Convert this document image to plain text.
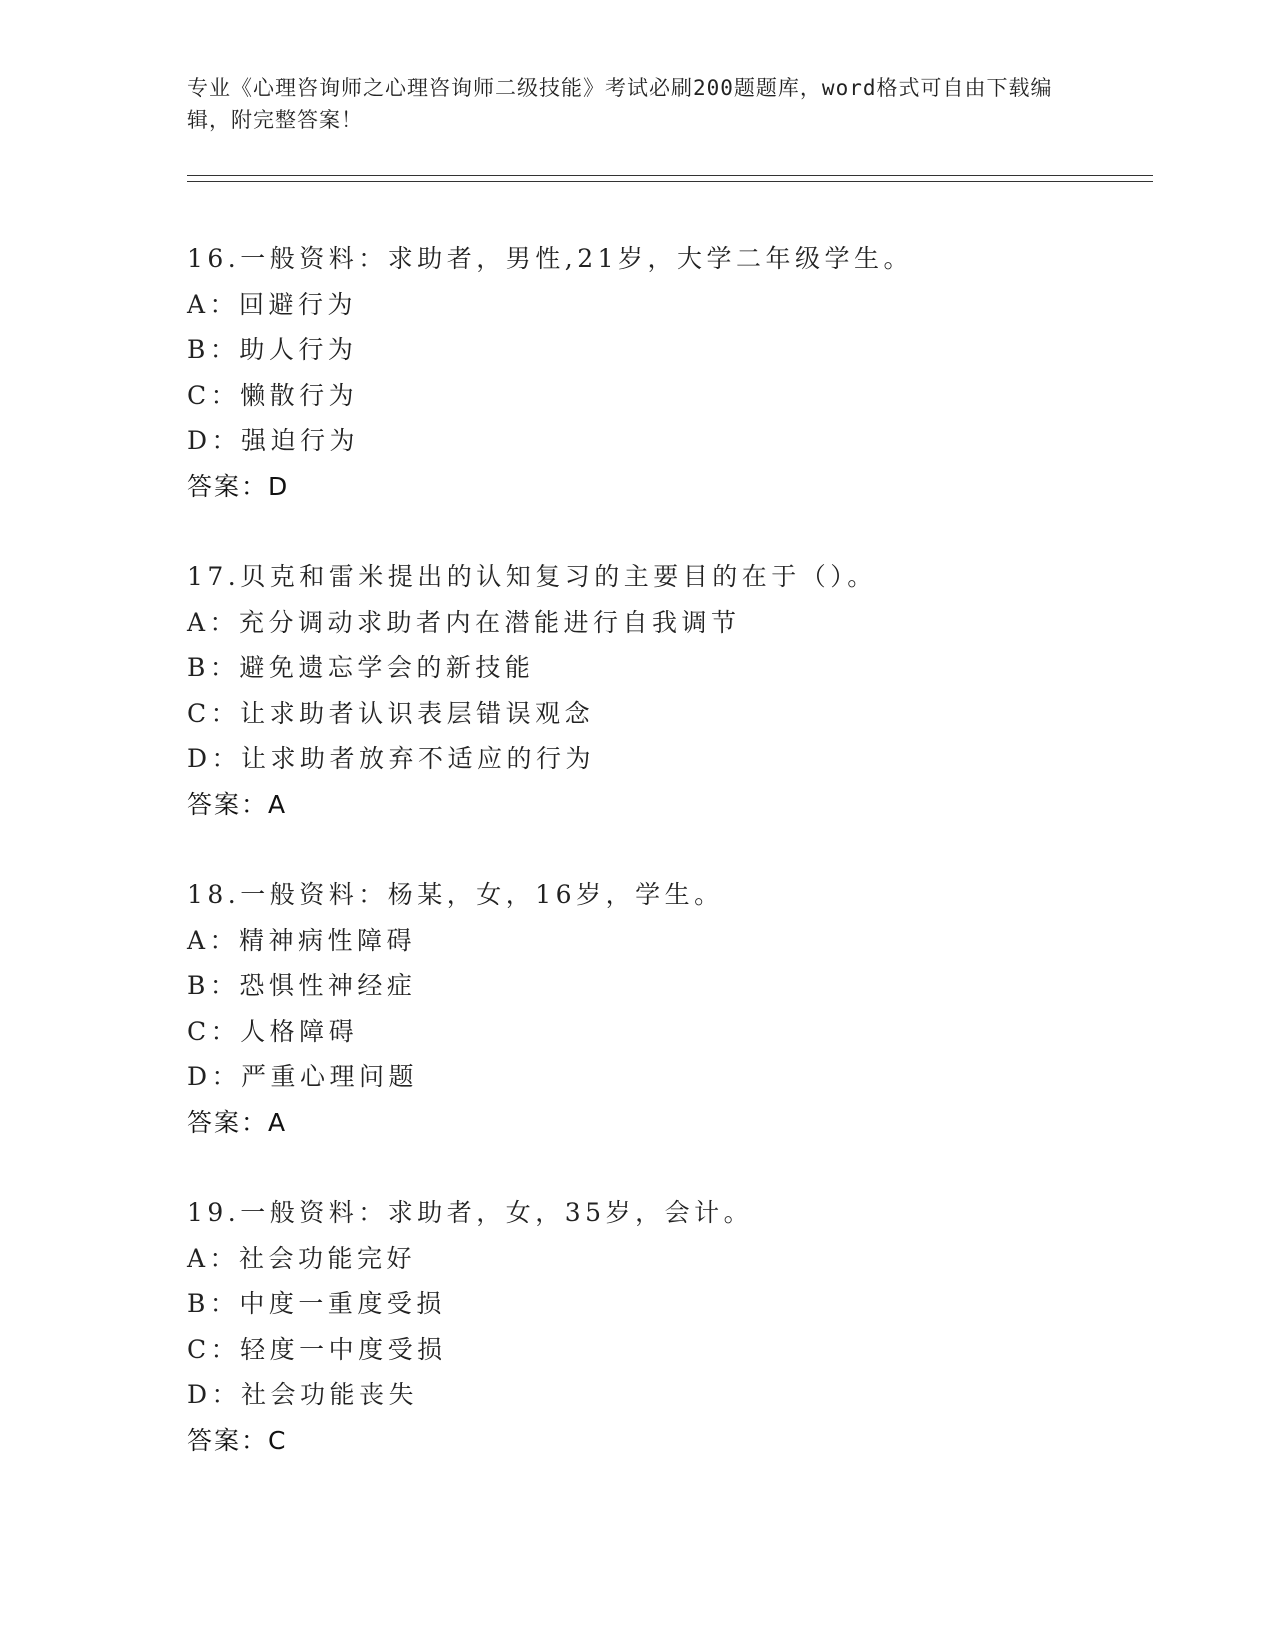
专业《心理咨询师之心理咨询师二级技能》考试必刷200题题库，word格式可自由下载编辑，附完整答案！
16.一般资料：求助者，男性,21岁，大学二年级学生。
A：回避行为
B：助人行为
C：懒散行为
D：强迫行为
答案：D
17.贝克和雷米提出的认知复习的主要目的在于（）。
A：充分调动求助者内在潜能进行自我调节
B：避免遗忘学会的新技能
C：让求助者认识表层错误观念
D：让求助者放弃不适应的行为
答案：A
18.一般资料：杨某，女，16岁，学生。
A：精神病性障碍
B：恐惧性神经症
C：人格障碍
D：严重心理问题
答案：A
19.一般资料：求助者，女，35岁，会计。
A：社会功能完好
B：中度一重度受损
C：轻度一中度受损
D：社会功能丧失
答案：C
